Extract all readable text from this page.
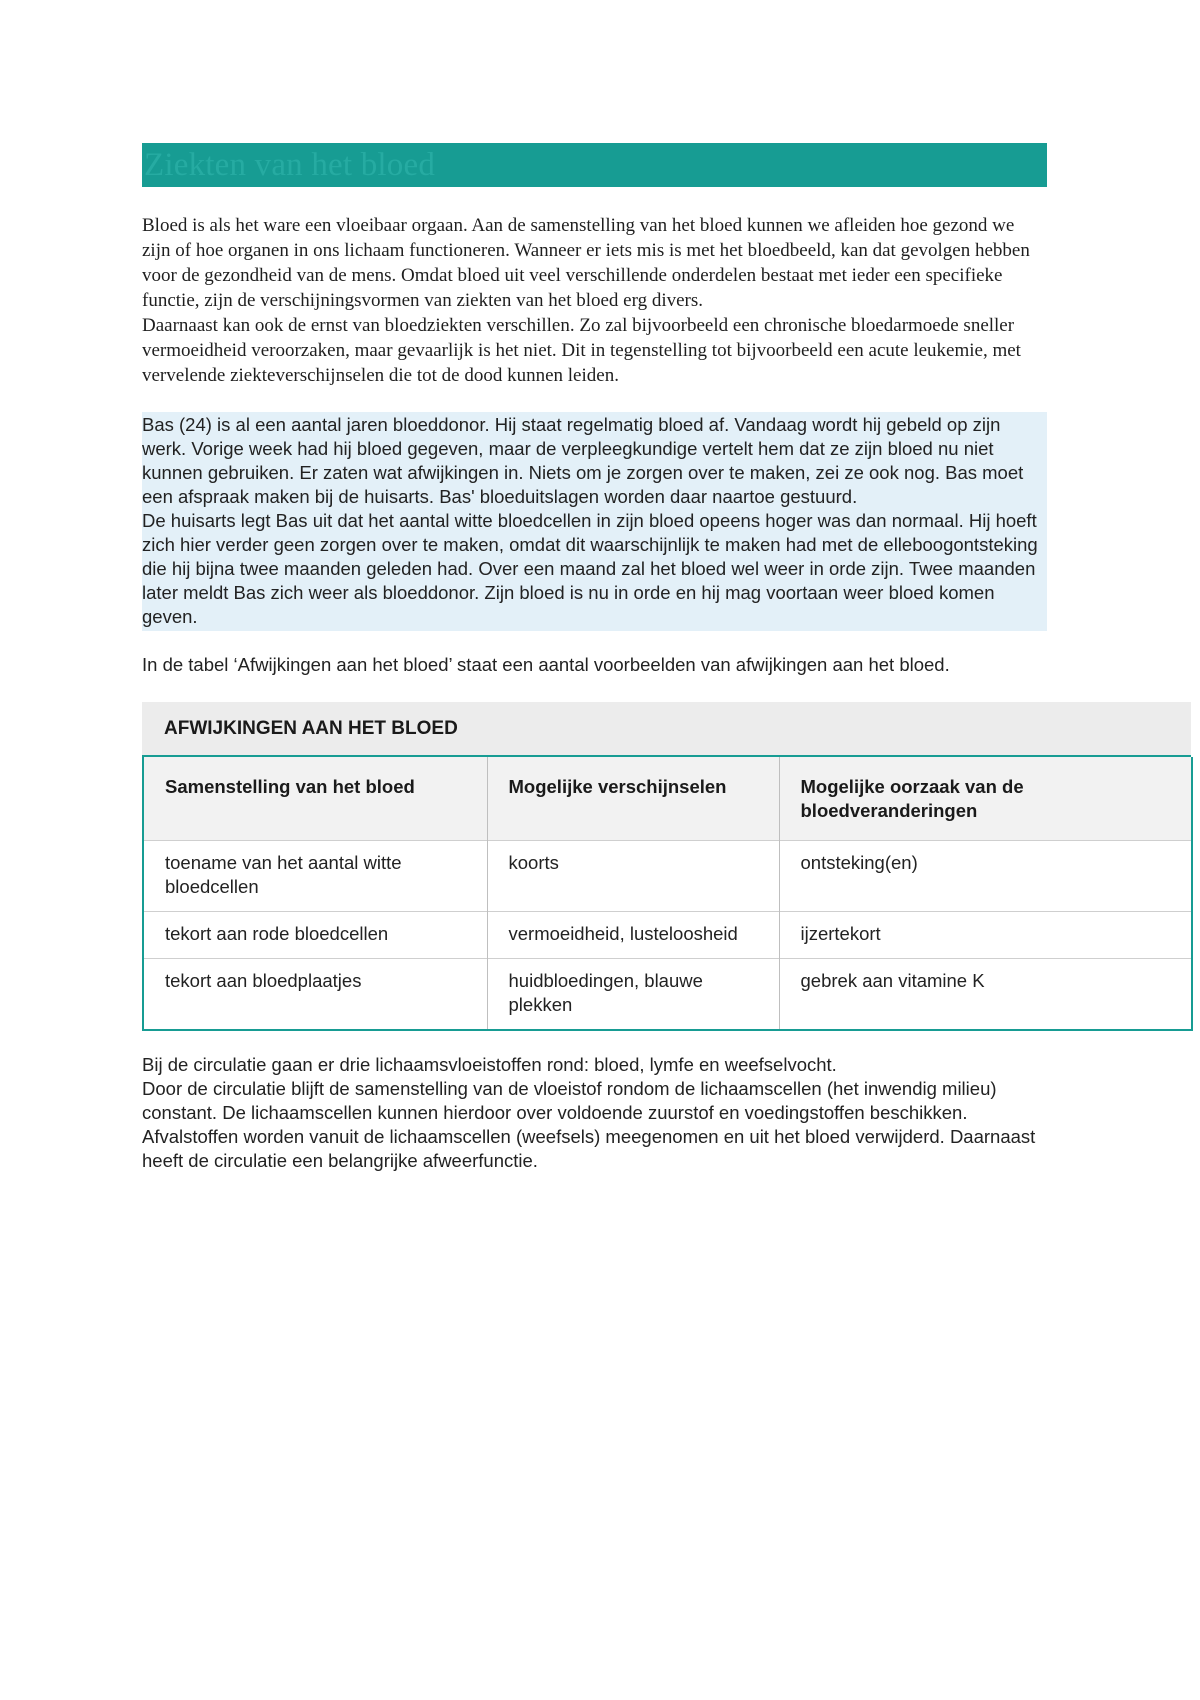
Ziekten van het bloed

Bloed is als het ware een vloeibaar orgaan. Aan de samenstelling van het bloed kunnen we afleiden hoe gezond we zijn of hoe organen in ons lichaam functioneren. Wanneer er iets mis is met het bloedbeeld, kan dat gevolgen hebben voor de gezondheid van de mens. Omdat bloed uit veel verschillende onderdelen bestaat met ieder een specifieke functie, zijn de verschijningsvormen van ziekten van het bloed erg divers.

Daarnaast kan ook de ernst van bloedziekten verschillen. Zo zal bijvoorbeeld een chronische bloedarmoede sneller vermoeidheid veroorzaken, maar gevaarlijk is het niet. Dit in tegenstelling tot bijvoorbeeld een acute leukemie, met vervelende ziekteverschijnselen die tot de dood kunnen leiden.

Bas (24) is al een aantal jaren bloeddonor. Hij staat regelmatig bloed af. Vandaag wordt hij gebeld op zijn werk. Vorige week had hij bloed gegeven, maar de verpleegkundige vertelt hem dat ze zijn bloed nu niet kunnen gebruiken. Er zaten wat afwijkingen in. Niets om je zorgen over te maken, zei ze ook nog. Bas moet een afspraak maken bij de huisarts. Bas' bloeduitslagen worden daar naartoe gestuurd.

De huisarts legt Bas uit dat het aantal witte bloedcellen in zijn bloed opeens hoger was dan normaal. Hij hoeft zich hier verder geen zorgen over te maken, omdat dit waarschijnlijk te maken had met de elleboogontsteking die hij bijna twee maanden geleden had. Over een maand zal het bloed wel weer in orde zijn. Twee maanden later meldt Bas zich weer als bloeddonor. Zijn bloed is nu in orde en hij mag voortaan weer bloed komen geven.

In de tabel ‘Afwijkingen aan het bloed’ staat een aantal voorbeelden van afwijkingen aan het bloed.

AFWIJKINGEN AAN HET BLOED
Samenstelling van het bloed	Mogelijke verschijnselen	Mogelijke oorzaak van de bloedveranderingen
toename van het aantal witte bloedcellen	koorts	ontsteking(en)
tekort aan rode bloedcellen	vermoeidheid, lusteloosheid	ijzertekort
tekort aan bloedplaatjes	huidbloedingen, blauwe plekken	gebrek aan vitamine K

Bij de circulatie gaan er drie lichaamsvloeistoffen rond: bloed, lymfe en weefselvocht.

Door de circulatie blijft de samenstelling van de vloeistof rondom de lichaamscellen (het inwendig milieu) constant. De lichaamscellen kunnen hierdoor over voldoende zuurstof en voedingstoffen beschikken. Afvalstoffen worden vanuit de lichaamscellen (weefsels) meegenomen en uit het bloed verwijderd. Daarnaast heeft de circulatie een belangrijke afweerfunctie.
